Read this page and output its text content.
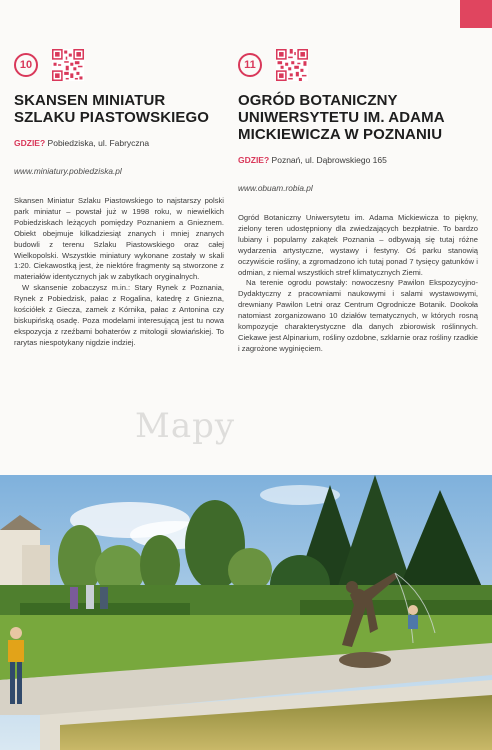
10
SKANSEN MINIATUR SZLAKU PIASTOWSKIEGO
GDZIE? Pobiedziska, ul. Fabryczna
www.miniatury.pobiedziska.pl

Skansen Miniatur Szlaku Piastowskiego to najstarszy polski park miniatur – powstał już w 1998 roku, w niewielkich Pobiedziskach leżących pomiędzy Poznaniem a Gnieznem. Obiekt obejmuje kilkadziesiąt znanych i mniej znanych budowli z terenu Szlaku Piastowskiego oraz całej Wielkopolski. Wszystkie miniatury wykonane zostały w skali 1:20. Ciekawostką jest, że niektóre fragmenty są stworzone z materiałów identycznych jak w zabytkach oryginalnych.

W skansenie zobaczysz m.in.: Stary Rynek z Poznania, Rynek z Pobiedzisk, pałac z Rogalina, katedrę z Gniezna, kościółek z Giecza, zamek z Kórnika, pałac z Antonina czy biskupińską osadę. Poza modelami interesującą jest tu nowa ekspozycja z rzeźbami bohaterów z mitologii słowiańskiej. To rarytas niespotykany nigdzie indziej.

11
OGRÓD BOTANICZNY UNIWERSYTETU IM. ADAMA MICKIEWICZA W POZNANIU
GDZIE? Poznań, ul. Dąbrowskiego 165
www.obuam.robia.pl

Ogród Botaniczny Uniwersytetu im. Adama Mickiewicza to piękny, zielony teren udostępniony dla zwiedzających bezpłatnie. To bardzo lubiany i popularny zakątek Poznania – odbywają się tutaj różne wydarzenia artystyczne, wystawy i festyny. Oś parku stanowią oczywiście rośliny, a zgromadzono ich tutaj ponad 7 tysięcy gatunków i odmian, z niemal wszystkich stref klimatycznych Ziemi.

Na terenie ogrodu powstały: nowoczesny Pawilon Ekspozycyjno-Dydaktyczny z pracowniami naukowymi i salami wystawowymi, drewniany Pawilon Letni oraz Centrum Ogrodnicze Botanik. Dookoła natomiast zorganizowano 10 działów tematycznych, w których rosną kompozycje charakterystyczne dla danych zbiorowisk roślinnych. Ciekawe jest Alpinarium, rośliny ozdobne, szklarnie oraz rośliny rzadkie i zagrożone wyginięciem.

Mapy
